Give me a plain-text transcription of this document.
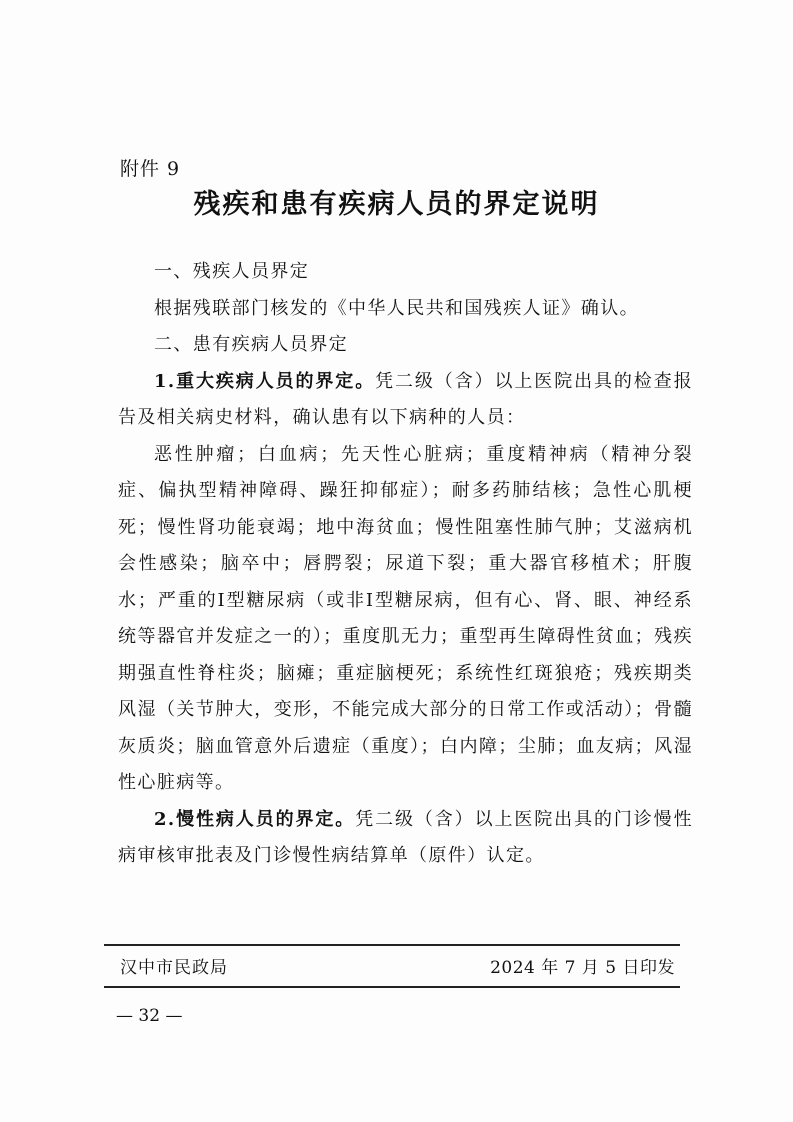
附件 9
残疾和患有疾病人员的界定说明

一、残疾人员界定

根据残联部门核发的《中华人民共和国残疾人证》确认。

二、患有疾病人员界定

1.重大疾病人员的界定。凭二级（含）以上医院出具的检查报告及相关病史材料，确认患有以下病种的人员：

恶性肿瘤；白血病；先天性心脏病；重度精神病（精神分裂症、偏执型精神障碍、躁狂抑郁症）；耐多药肺结核；急性心肌梗死；慢性肾功能衰竭；地中海贫血；慢性阻塞性肺气肿；艾滋病机会性感染；脑卒中；唇腭裂；尿道下裂；重大器官移植术；肝腹水；严重的Ⅰ型糖尿病（或非Ⅰ型糖尿病，但有心、肾、眼、神经系统等器官并发症之一的）；重度肌无力；重型再生障碍性贫血；残疾期强直性脊柱炎；脑瘫；重症脑梗死；系统性红斑狼疮；残疾期类风湿（关节肿大，变形，不能完成大部分的日常工作或活动）；骨髓灰质炎；脑血管意外后遗症（重度）；白内障；尘肺；血友病；风湿性心脏病等。

2.慢性病人员的界定。凭二级（含）以上医院出具的门诊慢性病审核审批表及门诊慢性病结算单（原件）认定。

汉中市民政局	2024 年 7 月 5 日印发
— 32 —
